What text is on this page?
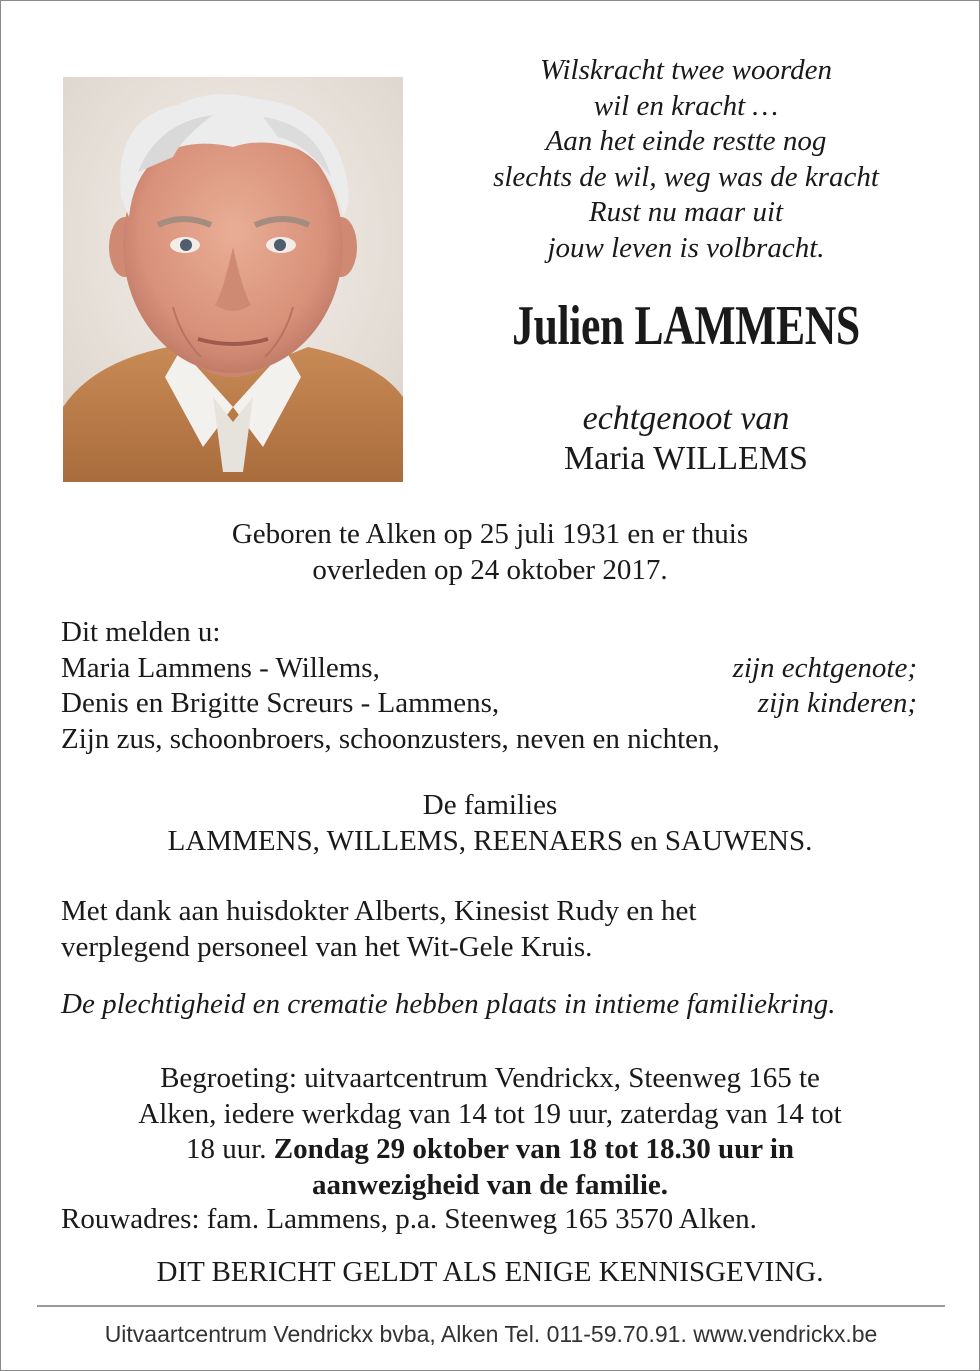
Wilskracht twee woorden
wil en kracht …
Aan het einde restte nog
slechts de wil, weg was de kracht
Rust nu maar uit
jouw leven is volbracht.
Julien LAMMENS
echtgenoot van
Maria WILLEMS
Geboren te Alken op 25 juli 1931 en er thuis
overleden op 24 oktober 2017.
Dit melden u:
Maria Lammens - Willems,	zijn echtgenote;
Denis en Brigitte Screurs - Lammens,	zijn kinderen;
Zijn zus, schoonbroers, schoonzusters, neven en nichten,
De families
LAMMENS, WILLEMS, REENAERS en SAUWENS.
Met dank aan huisdokter Alberts, Kinesist Rudy en het
verplegend personeel van het Wit-Gele Kruis.
De plechtigheid en crematie hebben plaats in intieme familiekring.
Begroeting: uitvaartcentrum Vendrickx, Steenweg 165 te
Alken, iedere werkdag van 14 tot 19 uur, zaterdag van 14 tot
18 uur. Zondag 29 oktober van 18 tot 18.30 uur in
aanwezigheid van de familie.
Rouwadres: fam. Lammens, p.a. Steenweg 165 3570 Alken.
DIT BERICHT GELDT ALS ENIGE KENNISGEVING.
Uitvaartcentrum Vendrickx bvba, Alken Tel. 011-59.70.91. www.vendrickx.be
